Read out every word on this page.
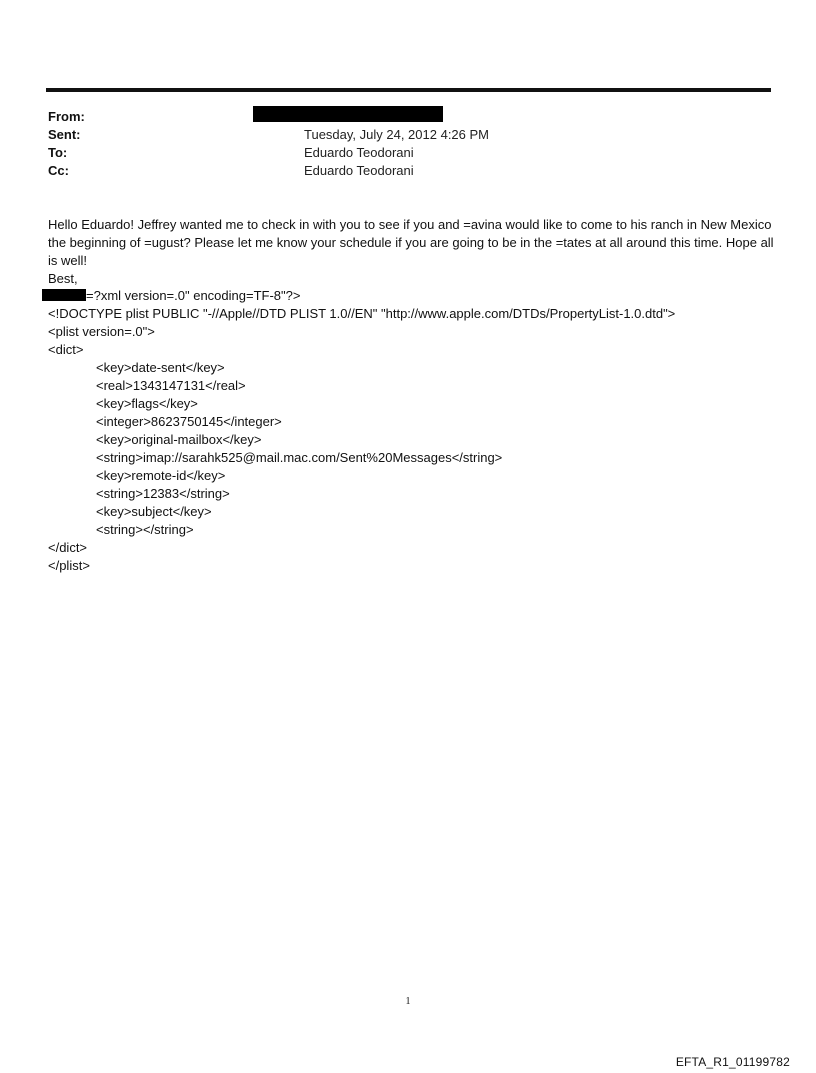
From:
Sent:	Tuesday, July 24, 2012 4:26 PM
To:	Eduardo Teodorani
Cc:	Eduardo Teodorani

Hello Eduardo! Jeffrey wanted me to check in with you to see if you and =avina would like to come to his ranch in New Mexico the beginning of =ugust? Please let me know your schedule if you are going to be in the =tates at all around this time. Hope all is well!

Best,

=?xml version=.0" encoding=TF-8"?>
<!DOCTYPE plist PUBLIC "-//Apple//DTD PLIST 1.0//EN" "http://www.apple.com/DTDs/PropertyList-1.0.dtd">
<plist version=.0">
<dict>
<key>date-sent</key>
<real>1343147131</real>
<key>flags</key>
<integer>8623750145</integer>
<key>original-mailbox</key>
<string>imap://sarahk525@mail.mac.com/Sent%20Messages</string>
<key>remote-id</key>
<string>12383</string>
<key>subject</key>
<string></string>
</dict>
</plist>
1
EFTA_R1_01199782
